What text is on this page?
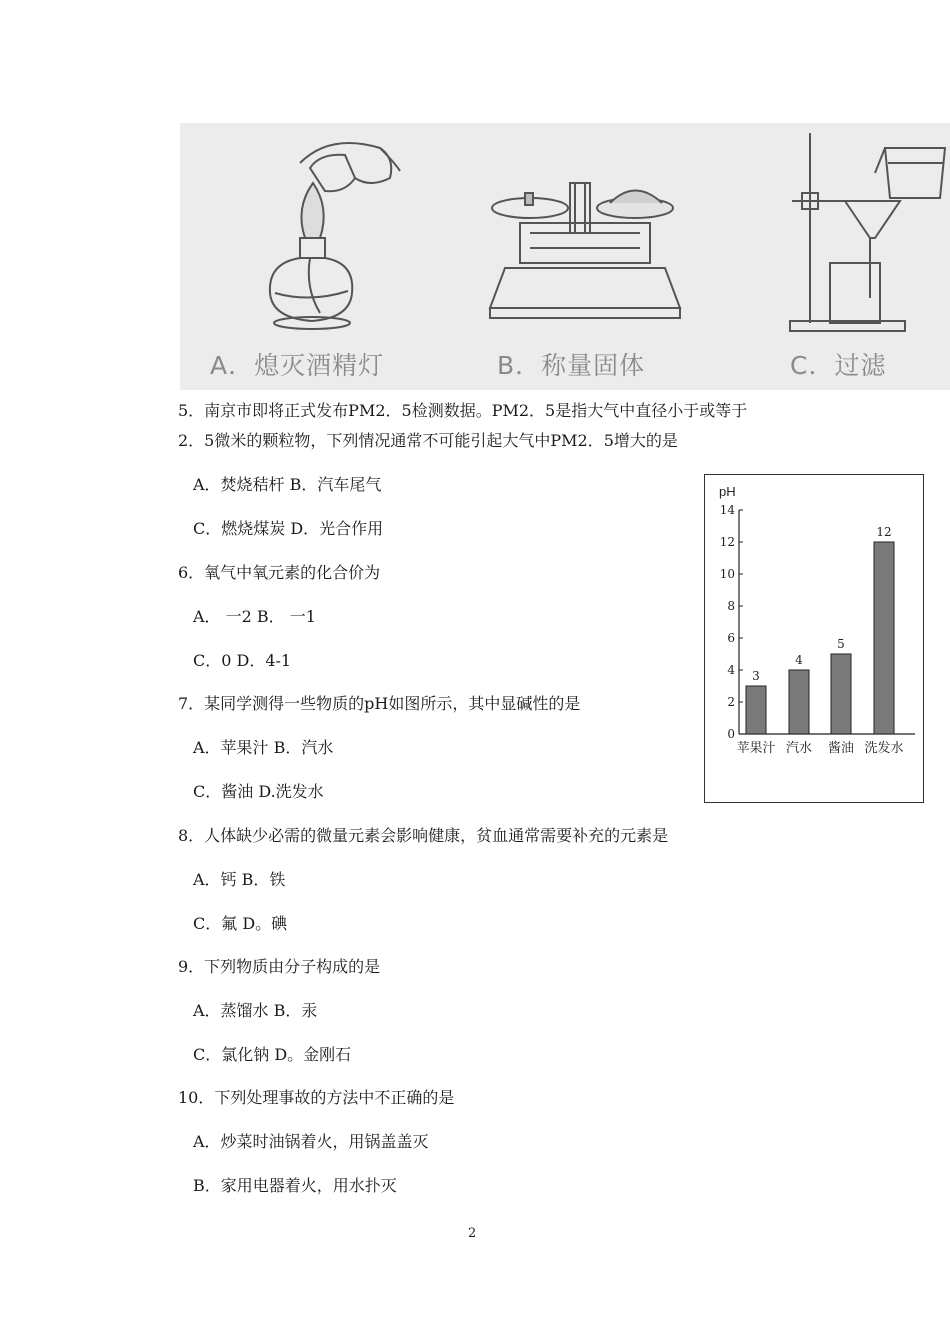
A．熄灭酒精灯	B．称量固体	C．过滤
5．南京市即将正式发布PM2．5检测数据。PM2．5是指大气中直径小于或等于
2．5微米的颗粒物，下列情况通常不可能引起大气中PM2．5增大的是
A．焚烧秸杆 B．汽车尾气
C．燃烧煤炭 D．光合作用
6．氧气中氧元素的化合价为
A． 一2 B． 一1
C．0 D．4-1
7．某同学测得一些物质的pH如图所示，其中显碱性的是
A．苹果汁 B．汽水
C．酱油 D.洗发水
8．人体缺少必需的微量元素会影响健康，贫血通常需要补充的元素是
A．钙 B．铁
C．氟 D。碘
9．下列物质由分子构成的是
A．蒸馏水 B．汞
C．氯化钠 D。金刚石
10．下列处理事故的方法中不正确的是
A．炒菜时油锅着火，用锅盖盖灭
B．家用电器着火，用水扑灭
pH
0
2
4
6
8
10
12
14
3
苹果汁
4
汽水
5
酱油
12
洗发水
2
